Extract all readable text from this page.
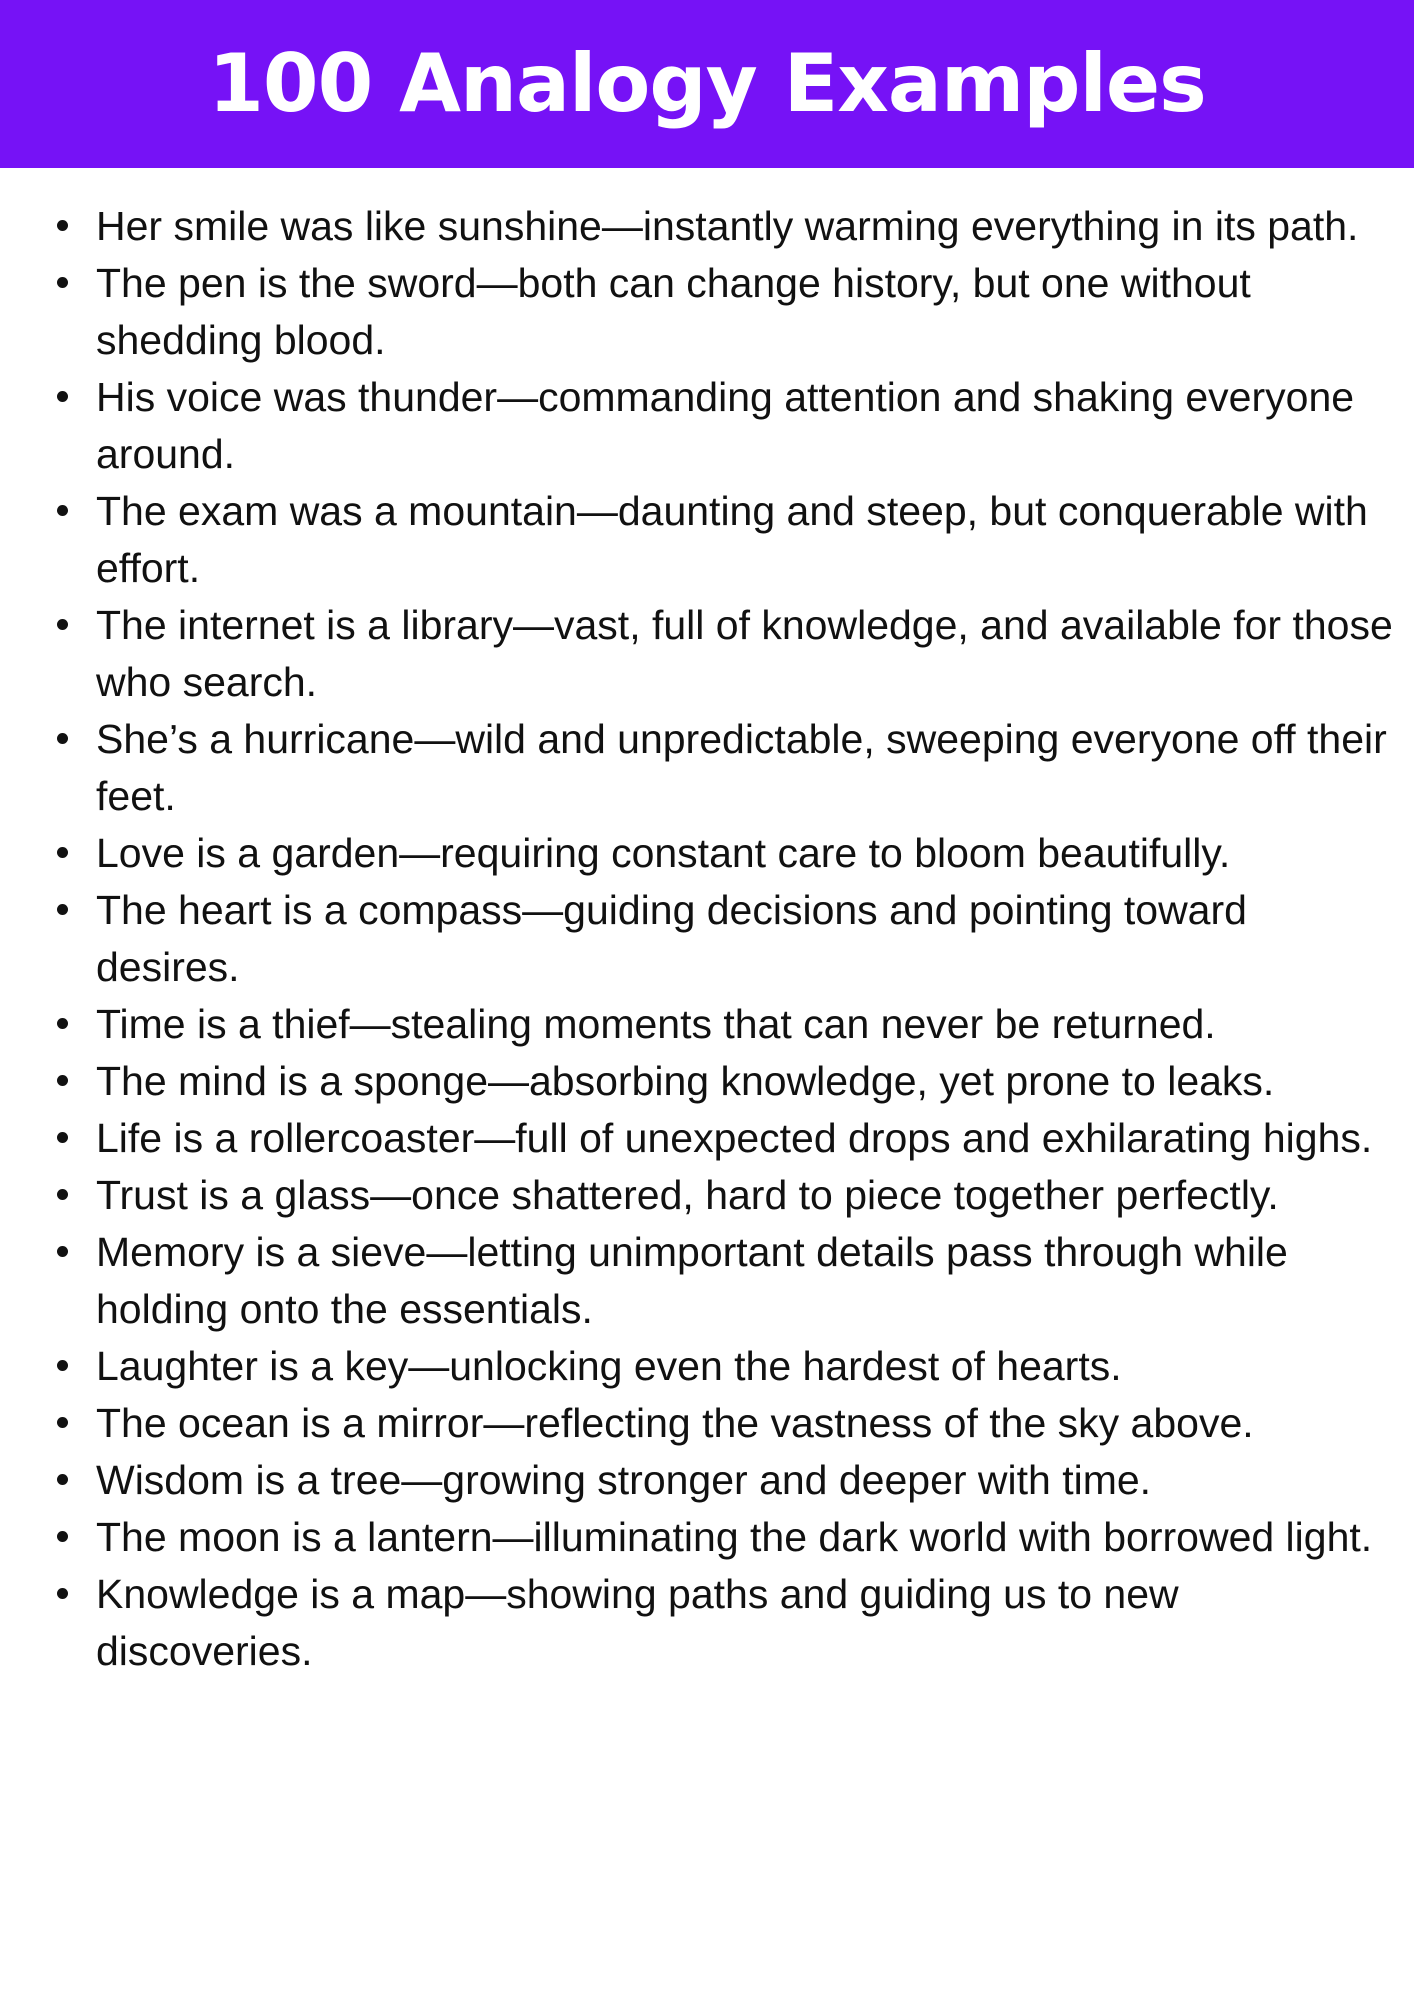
100 Analogy Examples
Her smile was like sunshine—instantly warming everything in its path.
The pen is the sword—both can change history, but one without shedding blood.
His voice was thunder—commanding attention and shaking everyone around.
The exam was a mountain—daunting and steep, but conquerable with effort.
The internet is a library—vast, full of knowledge, and available for those who search.
She’s a hurricane—wild and unpredictable, sweeping everyone off their feet.
Love is a garden—requiring constant care to bloom beautifully.
The heart is a compass—guiding decisions and pointing toward desires.
Time is a thief—stealing moments that can never be returned.
The mind is a sponge—absorbing knowledge, yet prone to leaks.
Life is a rollercoaster—full of unexpected drops and exhilarating highs.
Trust is a glass—once shattered, hard to piece together perfectly.
Memory is a sieve—letting unimportant details pass through while holding onto the essentials.
Laughter is a key—unlocking even the hardest of hearts.
The ocean is a mirror—reflecting the vastness of the sky above.
Wisdom is a tree—growing stronger and deeper with time.
The moon is a lantern—illuminating the dark world with borrowed light.
Knowledge is a map—showing paths and guiding us to new discoveries.
